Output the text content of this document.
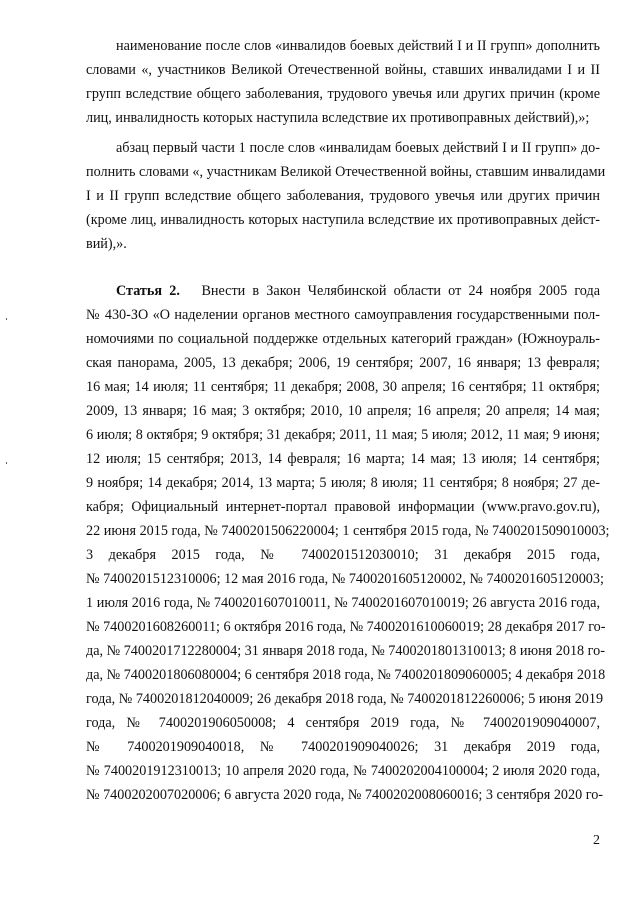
наименование после слов «инвалидов боевых действий I и II групп» дополнить
словами «, участников Великой Отечественной войны, ставших инвалидами I и II
групп вследствие общего заболевания, трудового увечья или других причин (кроме
лиц, инвалидность которых наступила вследствие их противоправных действий),»;
абзац первый части 1 после слов «инвалидам боевых действий I и II групп» до-
полнить словами «, участникам Великой Отечественной войны, ставшим инвалидами
I и II групп вследствие общего заболевания, трудового увечья или других причин
(кроме лиц, инвалидность которых наступила вследствие их противоправных дейст-
вий),».
Статья 2. Внести в Закон Челябинской области от 24 ноября 2005 года
№ 430-ЗО «О наделении органов местного самоуправления государственными пол-
номочиями по социальной поддержке отдельных категорий граждан» (Южноураль-
ская панорама, 2005, 13 декабря; 2006, 19 сентября; 2007, 16 января; 13 февраля;
16 мая; 14 июля; 11 сентября; 11 декабря; 2008, 30 апреля; 16 сентября; 11 октября;
2009, 13 января; 16 мая; 3 октября; 2010, 10 апреля; 16 апреля; 20 апреля; 14 мая;
6 июля; 8 октября; 9 октября; 31 декабря; 2011, 11 мая; 5 июля; 2012, 11 мая; 9 июня;
12 июля; 15 сентября; 2013, 14 февраля; 16 марта; 14 мая; 13 июля; 14 сентября;
9 ноября; 14 декабря; 2014, 13 марта; 5 июля; 8 июля; 11 сентября; 8 ноября; 27 де-
кабря; Официальный интернет-портал правовой информации (www.pravo.gov.ru),
22 июня 2015 года, № 7400201506220004; 1 сентября 2015 года, № 7400201509010003;
3 декабря 2015 года, № 7400201512030010; 31 декабря 2015 года,
№ 7400201512310006; 12 мая 2016 года, № 7400201605120002, № 7400201605120003;
1 июля 2016 года, № 7400201607010011, № 7400201607010019; 26 августа 2016 года,
№ 7400201608260011; 6 октября 2016 года, № 7400201610060019; 28 декабря 2017 го-
да, № 7400201712280004; 31 января 2018 года, № 7400201801310013; 8 июня 2018 го-
да, № 7400201806080004; 6 сентября 2018 года, № 7400201809060005; 4 декабря 2018
года, № 7400201812040009; 26 декабря 2018 года, № 7400201812260006; 5 июня 2019
года, № 7400201906050008; 4 сентября 2019 года, № 7400201909040007,
№ 7400201909040018, № 7400201909040026; 31 декабря 2019 года,
№ 7400201912310013; 10 апреля 2020 года, № 7400202004100004; 2 июля 2020 года,
№ 7400202007020006; 6 августа 2020 года, № 7400202008060016; 3 сентября 2020 го-
2
